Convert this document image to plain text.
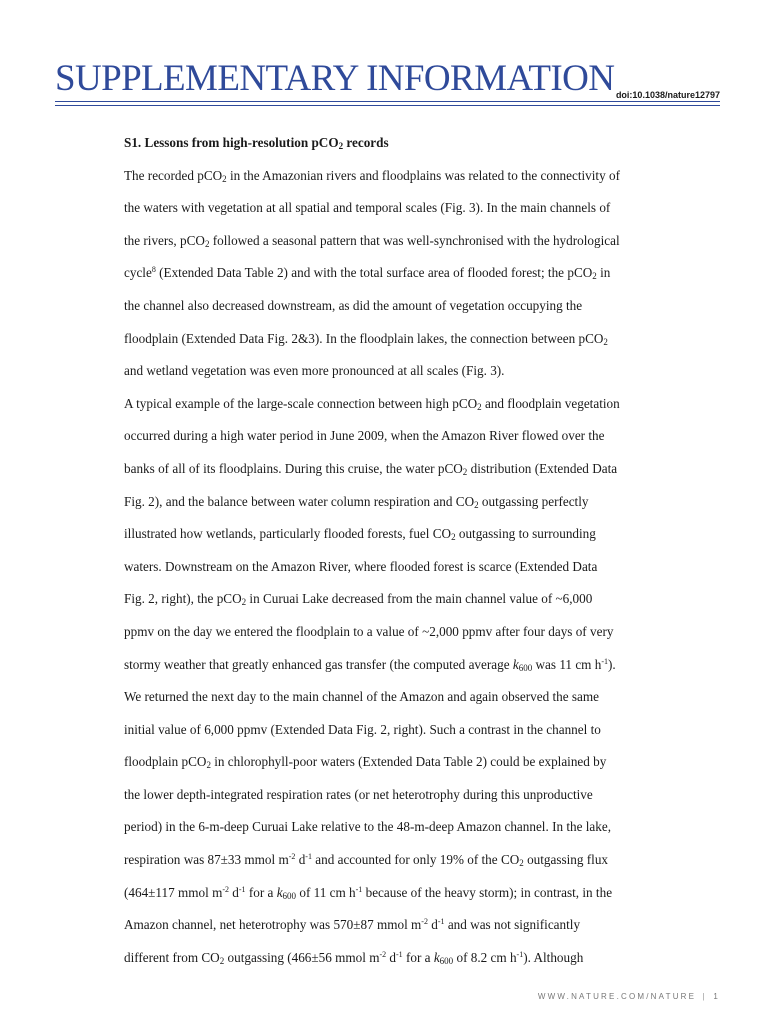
SUPPLEMENTARY INFORMATION doi:10.1038/nature12797
S1. Lessons from high-resolution pCO$_2$ records
The recorded pCO$_2$ in the Amazonian rivers and floodplains was related to the connectivity of
the waters with vegetation at all spatial and temporal scales (Fig. 3). In the main channels of
the rivers, pCO$_2$ followed a seasonal pattern that was well-synchronised with the hydrological
cycle$^8$ (Extended Data Table 2) and with the total surface area of flooded forest; the pCO$_2$ in
the channel also decreased downstream, as did the amount of vegetation occupying the
floodplain (Extended Data Fig. 2&3). In the floodplain lakes, the connection between pCO$_2$
and wetland vegetation was even more pronounced at all scales (Fig. 3).
A typical example of the large-scale connection between high pCO$_2$ and floodplain vegetation
occurred during a high water period in June 2009, when the Amazon River flowed over the
banks of all of its floodplains. During this cruise, the water pCO$_2$ distribution (Extended Data
Fig. 2), and the balance between water column respiration and $CO_2$ outgassing perfectly
illustrated how wetlands, particularly flooded forests, fuel $CO_2$ outgassing to surrounding
waters. Downstream on the Amazon River, where flooded forest is scarce (Extended Data
Fig. 2, right), the pCO$_2$ in Curuai Lake decreased from the main channel value of ~6,000
ppmv on the day we entered the floodplain to a value of ~2,000 ppmv after four days of very
stormy weather that greatly enhanced gas transfer (the computed average $k_{600}$ was 11 cm $h^{-1}$).
We returned the next day to the main channel of the Amazon and again observed the same
initial value of 6,000 ppmv (Extended Data Fig. 2, right). Such a contrast in the channel to
floodplain pCO$_2$ in chlorophyll-poor waters (Extended Data Table 2) could be explained by
the lower depth-integrated respiration rates (or net heterotrophy during this unproductive
period) in the 6-m-deep Curuai Lake relative to the 48-m-deep Amazon channel. In the lake,
respiration was 87±33 mmol $m^{-2}$ $d^{-1}$ and accounted for only 19% of the $CO_2$ outgassing flux
(464±117 mmol $m^{-2}$ $d^{-1}$ for a $k_{600}$ of 11 cm $h^{-1}$ because of the heavy storm); in contrast, in the
Amazon channel, net heterotrophy was 570±87 mmol $m^{-2}$ $d^{-1}$ and was not significantly
different from $CO_2$ outgassing (466±56 mmol $m^{-2}$ $d^{-1}$ for a $k_{600}$ of 8.2 cm $h^{-1}$). Although
WWW.NATURE.COM/NATURE | 1
